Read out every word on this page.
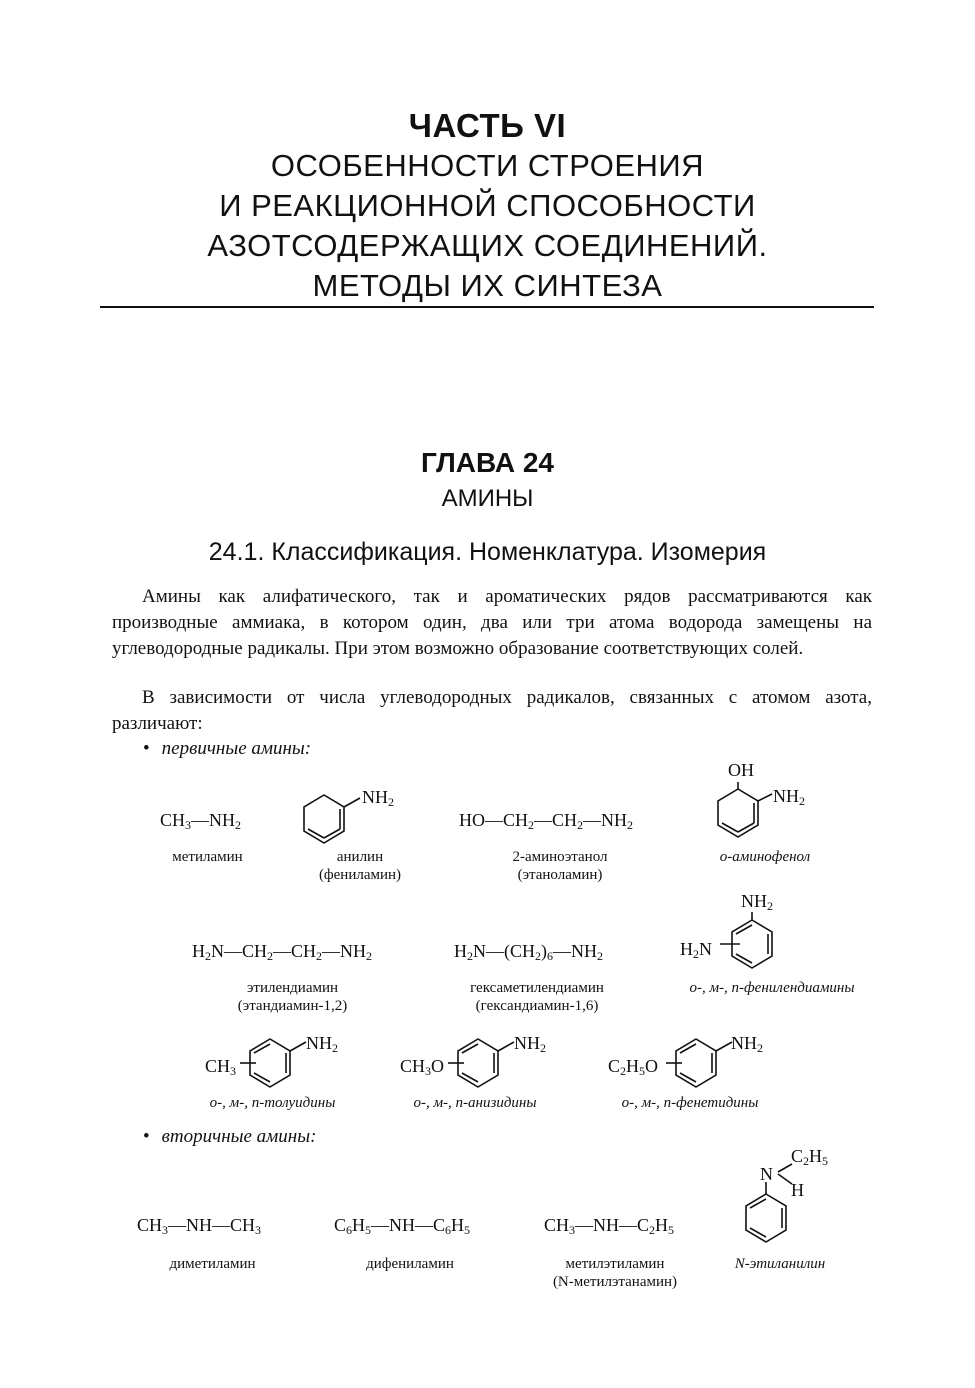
ЧАСТЬ VI
ОСОБЕННОСТИ СТРОЕНИЯ
И РЕАКЦИОННОЙ СПОСОБНОСТИ
АЗОТСОДЕРЖАЩИХ СОЕДИНЕНИЙ.
МЕТОДЫ ИХ СИНТЕЗА
ГЛАВА 24
АМИНЫ
24.1. Классификация. Номенклатура. Изомерия
Амины как алифатического, так и ароматических рядов рассматриваются как производные аммиака, в котором один, два или три атома водорода замещены на углеводородные радикалы. При этом возможно образование соответствующих солей.
В зависимости от числа углеводородных радикалов, связанных с атомом азота, различают:
• первичные амины:
$CH_3—NH_2$
метиламин
$NH_2$
анилин
(фениламин)
$HO—CH_2—CH_2—NH_2$
2-аминоэтанол
(этаноламин)
OH
$NH_2$
о-аминофенол
$H_2N—CH_2—CH_2—NH_2$
этилендиамин
(этандиамин-1,2)
$H_2N—(CH_2)_6—NH_2$
гексаметилендиамин
(гександиамин-1,6)
$NH_2$
$H_2N$
о-, м-, п-фенилендиамины
$CH_3$
$NH_2$
о-, м-, п-толуидины
$CH_3O$
$NH_2$
о-, м-, п-анизидины
$C_2H_5O$
$NH_2$
о-, м-, п-фенетидины
• вторичные амины:
$CH_3—NH—CH_3$
диметиламин
$C_6H_5—NH—C_6H_5$
дифениламин
$CH_3—NH—C_2H_5$
метилэтиламин
(N-метилэтанамин)
N
$C_2H_5$
H
N-этиланилин
